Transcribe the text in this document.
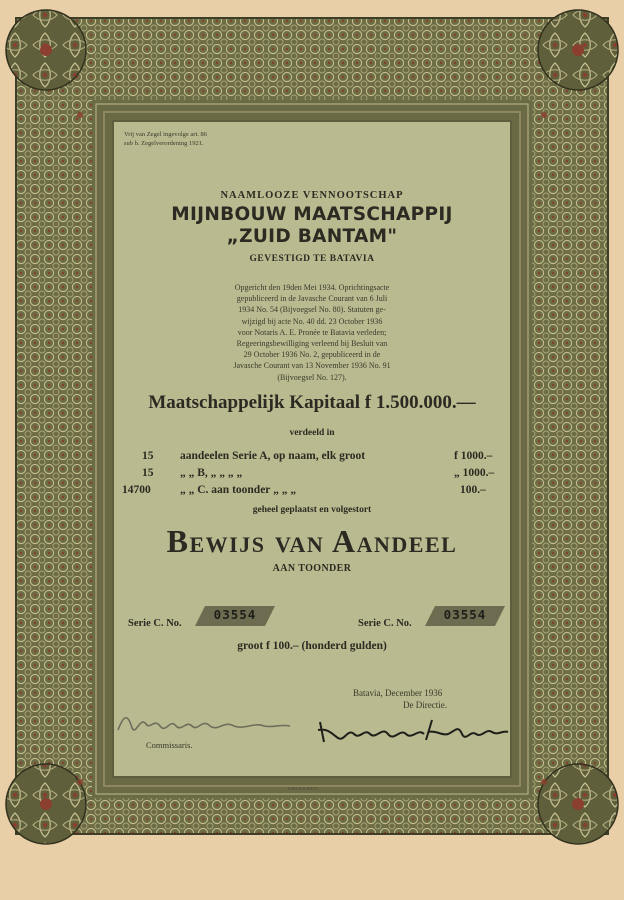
Vrij van Zegel ingevolge art. 86
sub b. Zegelverordening 1921.
NAAMLOOZE VENNOOTSCHAP
MIJNBOUW MAATSCHAPPIJ
„ZUID BANTAM"
GEVESTIGD TE BATAVIA
Opgericht den 19den Mei 1934. Oprichtingsacte
gepubliceerd in de Javasche Courant van 6 Juli
1934 No. 54 (Bijvoegsel No. 80). Statuten ge-
wijzigd bij acte No. 40 dd. 23 October 1936
voor Notaris A. E. Pronée te Batavia verleden;
Regeeringsbewilliging verleend bij Besluit van
29 October 1936 No. 2, gepubliceerd in de
Javasche Courant van 13 November 1936 No. 91
(Bijvoegsel No. 127).
Maatschappelijk Kapitaal f 1.500.000.—
verdeeld in
15 aandeelen Serie A, op naam, elk groot	f 1000.–
15 „ „ B, „ „ „ „	„ 1000.–
14700	„ „ C. aan toonder „ „ „	100.–
geheel geplaatst en volgestort
Bewijs van Aandeel
AAN TOONDER
Serie C. No.
03554
Serie C. No.
03554
groot f 100.– (honderd gulden)
Batavia, December 1936
De Directie.
Commissaris.
DRUKKERIJ
